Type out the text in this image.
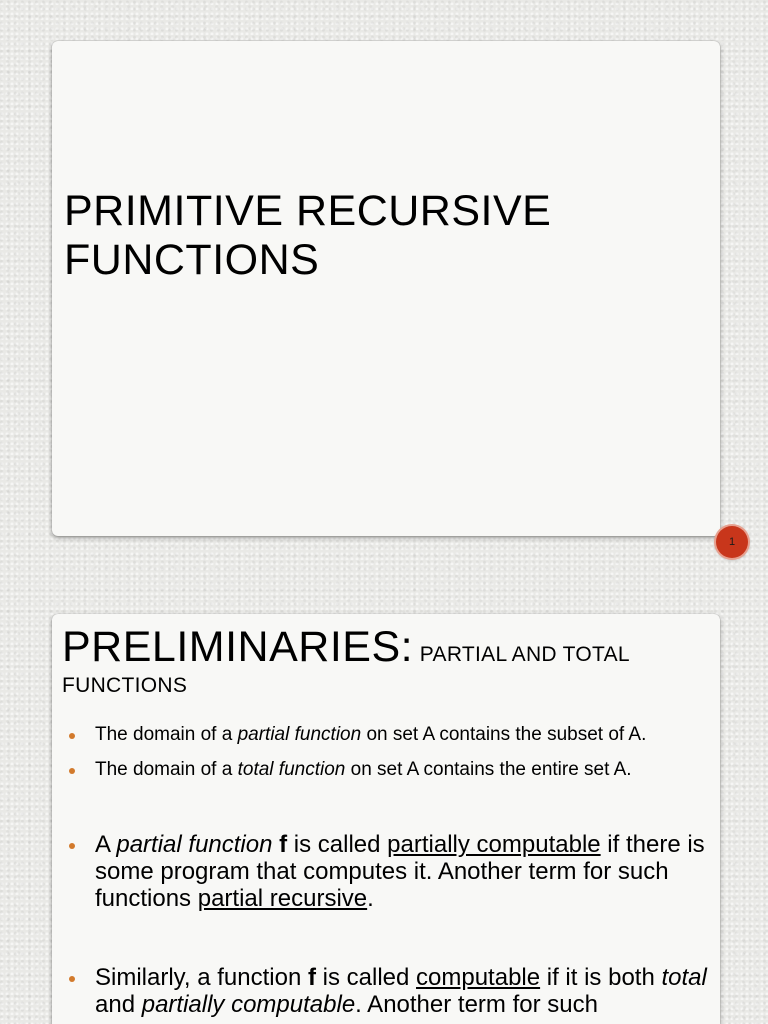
PRIMITIVE RECURSIVE
FUNCTIONS
1
PRELIMINARIES: PARTIAL AND TOTAL
FUNCTIONS
The domain of a partial function on set A contains the subset of A.
The domain of a total function on set A contains the entire set A.
A partial function f is called partially computable if there is some program that computes it. Another term for such functions partial recursive.
Similarly, a function f is called computable if it is both total and partially computable. Another term for such
